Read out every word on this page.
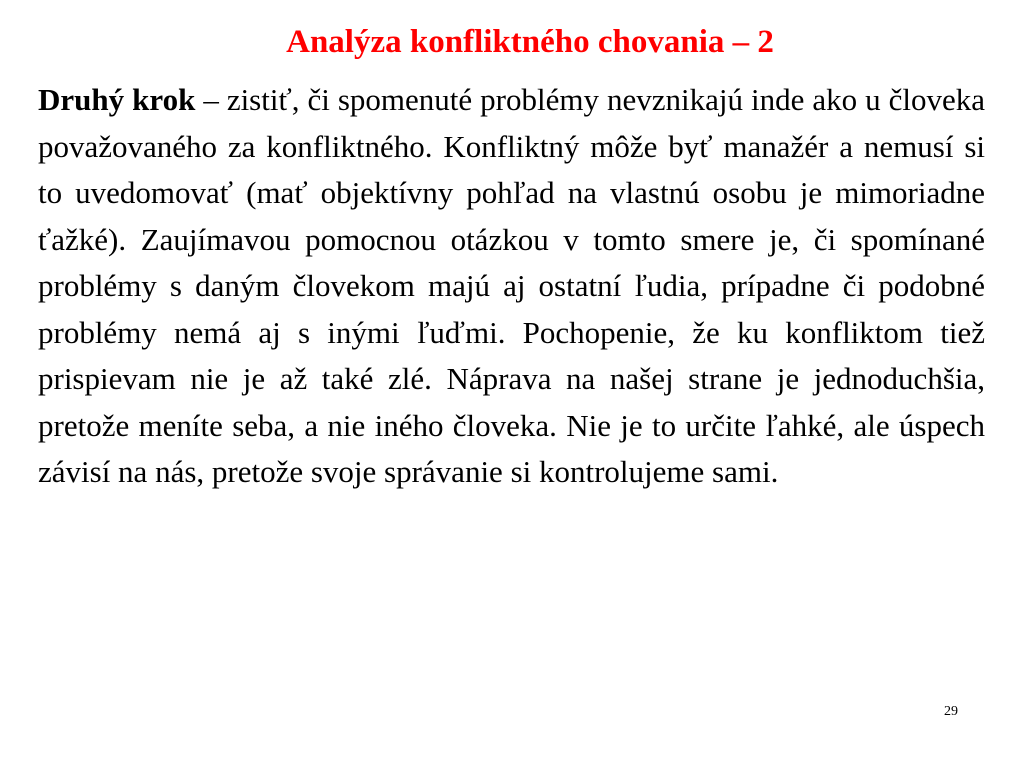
Analýza konfliktného chovania – 2

Druhý krok – zistiť, či spomenuté problémy nevznikajú inde ako u človeka považovaného za konfliktného. Konfliktný môže byť manažér a nemusí si to uvedomovať (mať objektívny pohľad na vlastnú osobu je mimoriadne ťažké). Zaujímavou pomocnou otázkou v tomto smere je, či spomínané problémy s daným človekom majú aj ostatní ľudia, prípadne či podobné problémy nemá aj s inými ľuďmi. Pochopenie, že ku konfliktom tiež prispievam nie je až také zlé. Náprava na našej strane je jednoduchšia, pretože meníte seba, a nie iného človeka. Nie je to určite ľahké, ale úspech závisí na nás, pretože svoje správanie si kontrolujeme sami.

29
